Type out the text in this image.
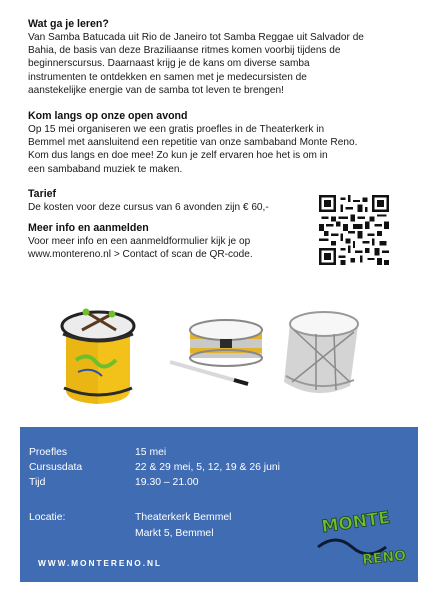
Wat ga je leren?

Van Samba Batucada uit Rio de Janeiro tot Samba Reggae uit Salvador de

Bahia, de basis van deze Braziliaanse ritmes komen voorbij tijdens de

beginnerscursus. Daarnaast krijg je de kans om diverse samba

instrumenten te ontdekken en samen met je medecursisten de

aanstekelijke energie van de samba tot leven te brengen!

Kom langs op onze open avond

Op 15 mei organiseren we een gratis proefles in de Theaterkerk in

Bemmel met aansluitend een repetitie van onze sambaband Monte Reno.

Kom dus langs en doe mee! Zo kun je zelf ervaren hoe het is om in

een sambaband muziek te maken.

Tarief

De kosten voor deze cursus van 6 avonden zijn € 60,-

Meer info en aanmelden

Voor meer info en een aanmeldformulier kijk je op

www.montereno.nl > Contact of scan de QR-code.

Proefles	15 mei
Cursusdata	22 & 29 mei, 5, 12, 19 & 26 juni
Tijd	19.30 – 21.00
Locatie:	Theaterkerk Bemmel
Markt 5, Bemmel
WWW.MONTERENO.NL
MONTE
RENO
